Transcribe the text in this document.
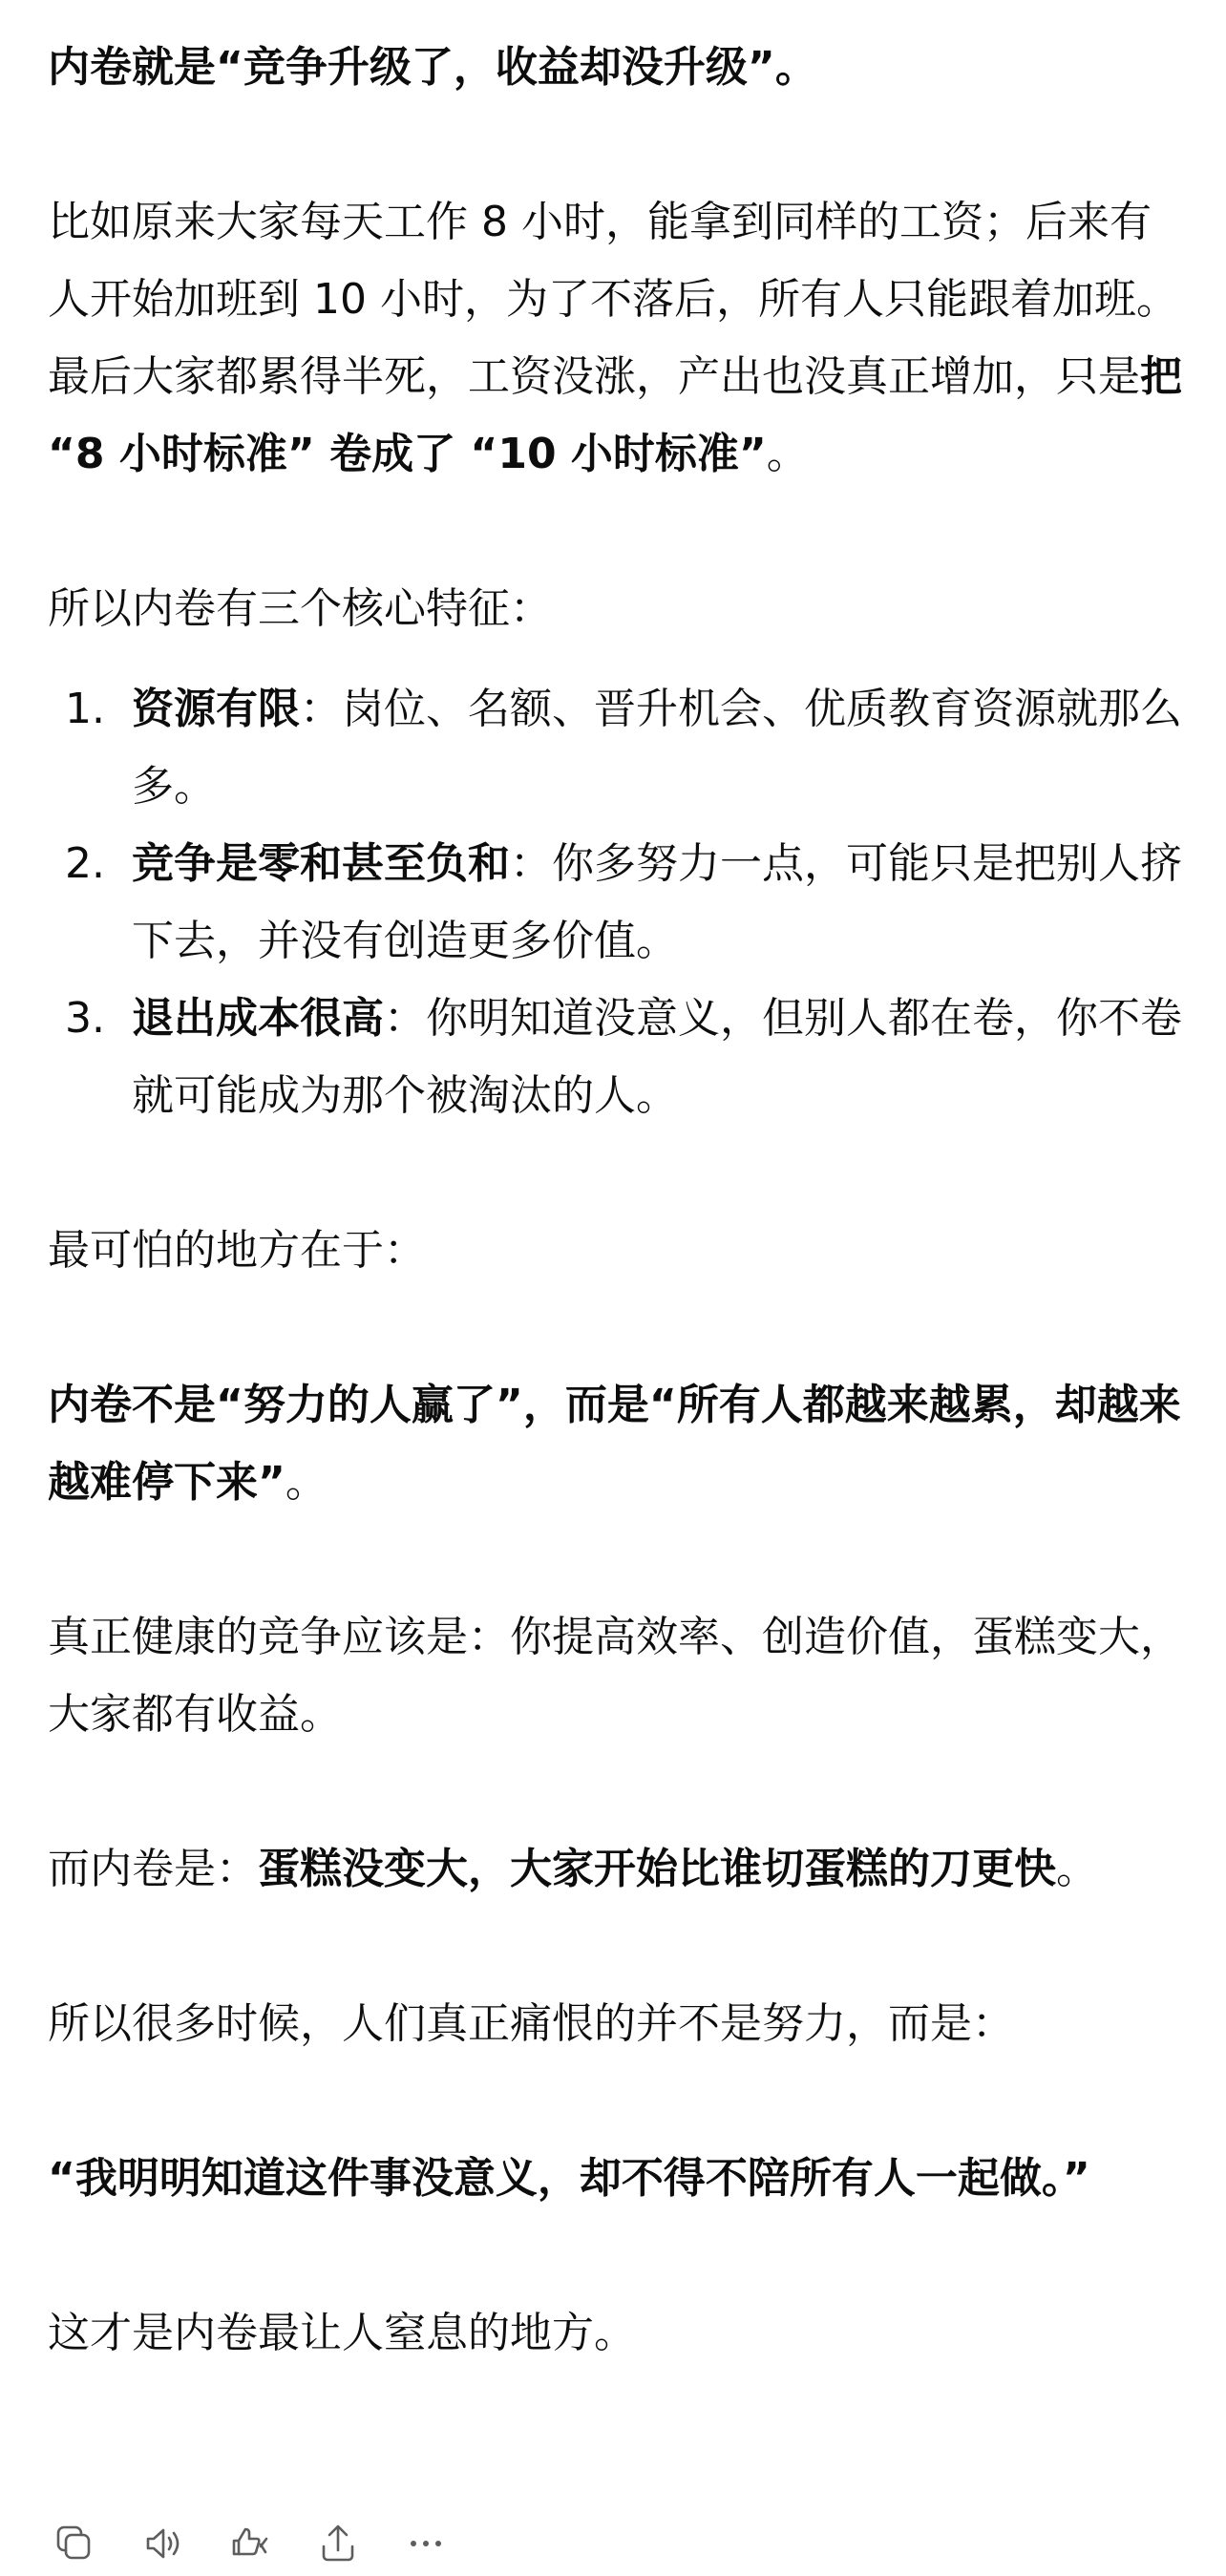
内卷就是“竞争升级了，收益却没升级”。

比如原来大家每天工作 8 小时，能拿到同样的工资；后来有人开始加班到 10 小时，为了不落后，所有人只能跟着加班。最后大家都累得半死，工资没涨，产出也没真正增加，只是把 “8 小时标准” 卷成了 “10 小时标准”。

所以内卷有三个核心特征：

1. 资源有限：岗位、名额、晋升机会、优质教育资源就那么多。
2. 竞争是零和甚至负和：你多努力一点，可能只是把别人挤下去，并没有创造更多价值。
3. 退出成本很高：你明知道没意义，但别人都在卷，你不卷就可能成为那个被淘汰的人。

最可怕的地方在于：

内卷不是“努力的人赢了”，而是“所有人都越来越累，却越来越难停下来”。

真正健康的竞争应该是：你提高效率、创造价值，蛋糕变大，大家都有收益。

而内卷是：蛋糕没变大，大家开始比谁切蛋糕的刀更快。

所以很多时候，人们真正痛恨的并不是努力，而是：

“我明明知道这件事没意义，却不得不陪所有人一起做。”

这才是内卷最让人窒息的地方。
